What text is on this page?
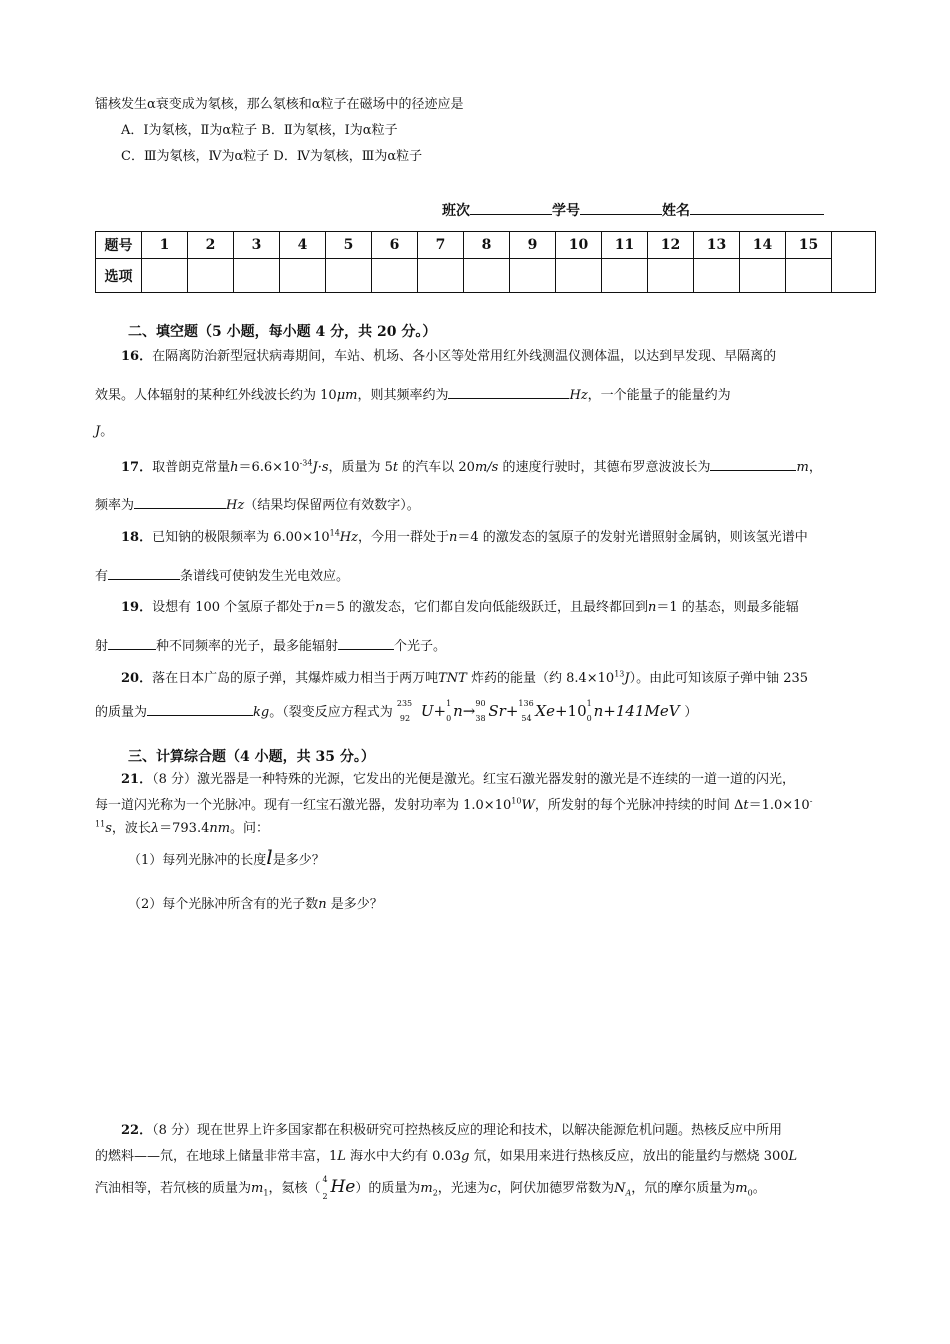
镭核发生α衰变成为氡核，那么氡核和α粒子在磁场中的径迹应是
A．Ⅰ为氡核，Ⅱ为α粒子 B．Ⅱ为氡核，Ⅰ为α粒子
C．Ⅲ为氡核，Ⅳ为α粒子 D．Ⅳ为氡核，Ⅲ为α粒子
班次	学号	姓名
题号	1	2	3	4	5	6	7	8	9	10	11	12	13	14	15	
选项																
二、填空题（5 小题，每小题 4 分，共 20 分。）
16．在隔离防治新型冠状病毒期间，车站、机场、各小区等处常用红外线测温仪测体温，以达到早发现、早隔离的
效果。人体辐射的某种红外线波长约为 10μm，则其频率约为	Hz，一个能量子的能量约为
J。
17．取普朗克常量$h=6.6\times 10^{-34}J\cdot s$，质量为 5t 的汽车以 20m/s 的速度行驶时，其德布罗意波波长为	m，
频率为	Hz（结果均保留两位有效数字）。
18．已知钠的极限频率为 $6.00\times 10^{14}Hz$，今用一群处于n＝4 的激发态的氢原子的发射光谱照射金属钠，则该氢光谱中
有	条谱线可使钠发生光电效应。
19．设想有 100 个氢原子都处于n＝5 的激发态，它们都自发向低能级跃迁，且最终都回到n＝1 的基态，则最多能辐
射	种不同频率的光子，最多能辐射	个光子。
20．落在日本广岛的原子弹，其爆炸威力相当于两万吨TNT 炸药的能量（约 $8.4\times 10^{13}J$）。由此可知该原子弹中铀 235
的质量为	kg。（裂变反应方程式为
235
92 U+ 1
0 n→ 90
38 Sr+ 136
54 Xe+10 1
0 n+141MeV ）
三、计算综合题（4 小题，共 35 分。）
21．（8 分）激光器是一种特殊的光源，它发出的光便是激光。红宝石激光器发射的激光是不连续的一道一道的闪光，
每一道闪光称为一个光脉冲。现有一红宝石激光器，发射功率为 $1.0\times 10^{10}W$，所发射的每个光脉冲持续的时间 Δt＝1.0×10-
$^{11}$s，波长λ＝793.4nm。问：
（1）每列光脉冲的长度l是多少？
（2）每个光脉冲所含有的光子数n 是多少？
22．（8 分）现在世界上许多国家都在积极研究可控热核反应的理论和技术，以解决能源危机问题。热核反应中所用
的燃料——氘，在地球上储量非常丰富，1L 海水中大约有 0.03g 氘，如果用来进行热核反应，放出的能量约与燃烧 300L
汽油相等，若氘核的质量为$m_1$，氦核（
4
2 He）的质量为$m_2$，光速为c，阿伏加德罗常数为$N_A$，氘的摩尔质量为$m_0$。
